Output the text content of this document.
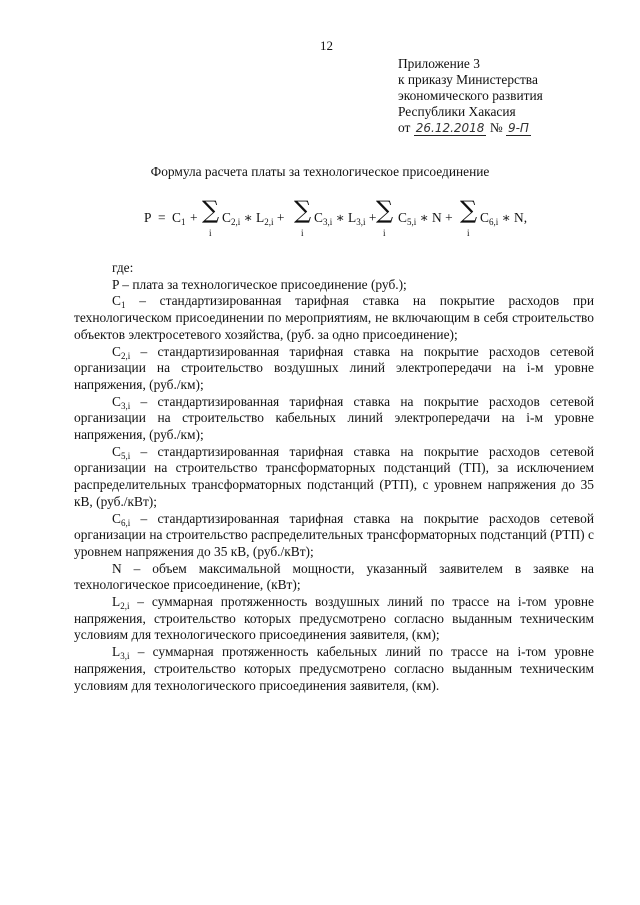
12
Приложение 3
к приказу Министерства
экономического развития
Республики Хакасия
от 26.12.2018 № 9-П
Формула расчета платы за технологическое присоединение
$P = C_1$ + ∑
i
$C_{2,i}$ ∗ $L_{2,i}$ + ∑
i
$C_{3,i}$ ∗ $L_{3,i}$ + ∑
i
$C_{5,i}$ ∗ N + ∑
i
$C_{6,i}$ ∗ N,

где:

P – плата за технологическое присоединение (руб.);

$C_1$ – стандартизированная тарифная ставка на покрытие расходов при технологическом присоединении по мероприятиям, не включающим в себя строительство объектов электросетевого хозяйства, (руб. за одно присоединение);

$C_{2,i}$ – стандартизированная тарифная ставка на покрытие расходов сетевой организации на строительство воздушных линий электропередачи на i-м уровне напряжения, (руб./км);

$C_{3,i}$ – стандартизированная тарифная ставка на покрытие расходов сетевой организации на строительство кабельных линий электропередачи на i-м уровне напряжения, (руб./км);

$C_{5,i}$ – стандартизированная тарифная ставка на покрытие расходов сетевой организации на строительство трансформаторных подстанций (ТП), за исключением распределительных трансформаторных подстанций (РТП), с уровнем напряжения до 35 кВ, (руб./кВт);

$C_{6,i}$ – стандартизированная тарифная ставка на покрытие расходов сетевой организации на строительство распределительных трансформаторных подстанций (РТП) с уровнем напряжения до 35 кВ, (руб./кВт);

N – объем максимальной мощности, указанный заявителем в заявке на технологическое присоединение, (кВт);

$L_{2,i}$ – суммарная протяженность воздушных линий по трассе на i-том уровне напряжения, строительство которых предусмотрено согласно выданным техническим условиям для технологического присоединения заявителя, (км);

$L_{3,i}$ – суммарная протяженность кабельных линий по трассе на i-том уровне напряжения, строительство которых предусмотрено согласно выданным техническим условиям для технологического присоединения заявителя, (км).
